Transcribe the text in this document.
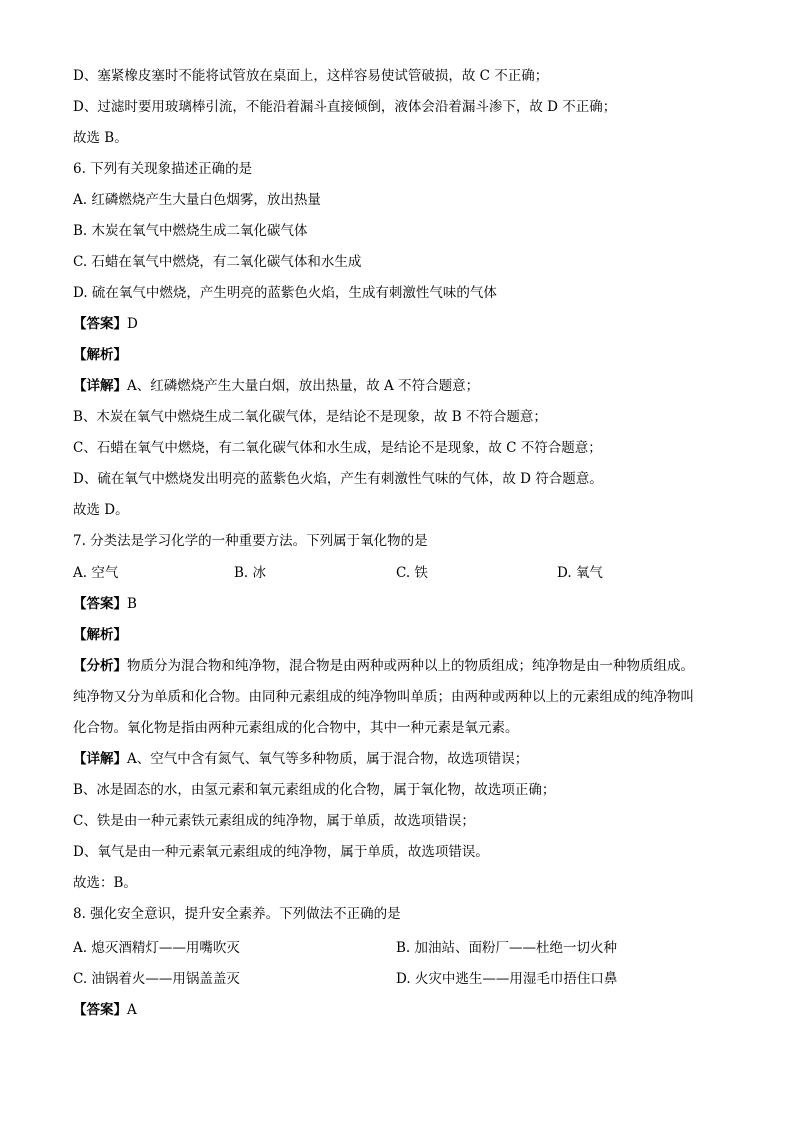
D、塞紧橡皮塞时不能将试管放在桌面上，这样容易使试管破损，故 C 不正确；
D、过滤时要用玻璃棒引流，不能沿着漏斗直接倾倒，液体会沿着漏斗渗下，故 D 不正确；
故选 B。
6. 下列有关现象描述正确的是
A. 红磷燃烧产生大量白色烟雾，放出热量
B. 木炭在氧气中燃烧生成二氧化碳气体
C. 石蜡在氧气中燃烧，有二氧化碳气体和水生成
D. 硫在氧气中燃烧，产生明亮的蓝紫色火焰，生成有刺激性气味的气体
【答案】D
【解析】
【详解】A、红磷燃烧产生大量白烟，放出热量，故 A 不符合题意；
B、木炭在氧气中燃烧生成二氧化碳气体，是结论不是现象，故 B 不符合题意；
C、石蜡在氧气中燃烧，有二氧化碳气体和水生成，是结论不是现象，故 C 不符合题意；
D、硫在氧气中燃烧发出明亮的蓝紫色火焰，产生有刺激性气味的气体，故 D 符合题意。
故选 D。
7. 分类法是学习化学的一种重要方法。下列属于氧化物的是
A. 空气	B. 冰	C. 铁	D. 氧气
【答案】B
【解析】
【分析】物质分为混合物和纯净物，混合物是由两种或两种以上的物质组成；纯净物是由一种物质组成。
纯净物又分为单质和化合物。由同种元素组成的纯净物叫单质；由两种或两种以上的元素组成的纯净物叫
化合物。氧化物是指由两种元素组成的化合物中，其中一种元素是氧元素。
【详解】A、空气中含有氮气、氧气等多种物质，属于混合物，故选项错误；
B、冰是固态的水，由氢元素和氧元素组成的化合物，属于氧化物，故选项正确；
C、铁是由一种元素铁元素组成的纯净物，属于单质，故选项错误；
D、氧气是由一种元素氧元素组成的纯净物，属于单质，故选项错误。
故选：B。
8. 强化安全意识，提升安全素养。下列做法不正确的是
A. 熄灭酒精灯——用嘴吹灭	B. 加油站、面粉厂——杜绝一切火种
C. 油锅着火——用锅盖盖灭	D. 火灾中逃生——用湿毛巾捂住口鼻
【答案】A
